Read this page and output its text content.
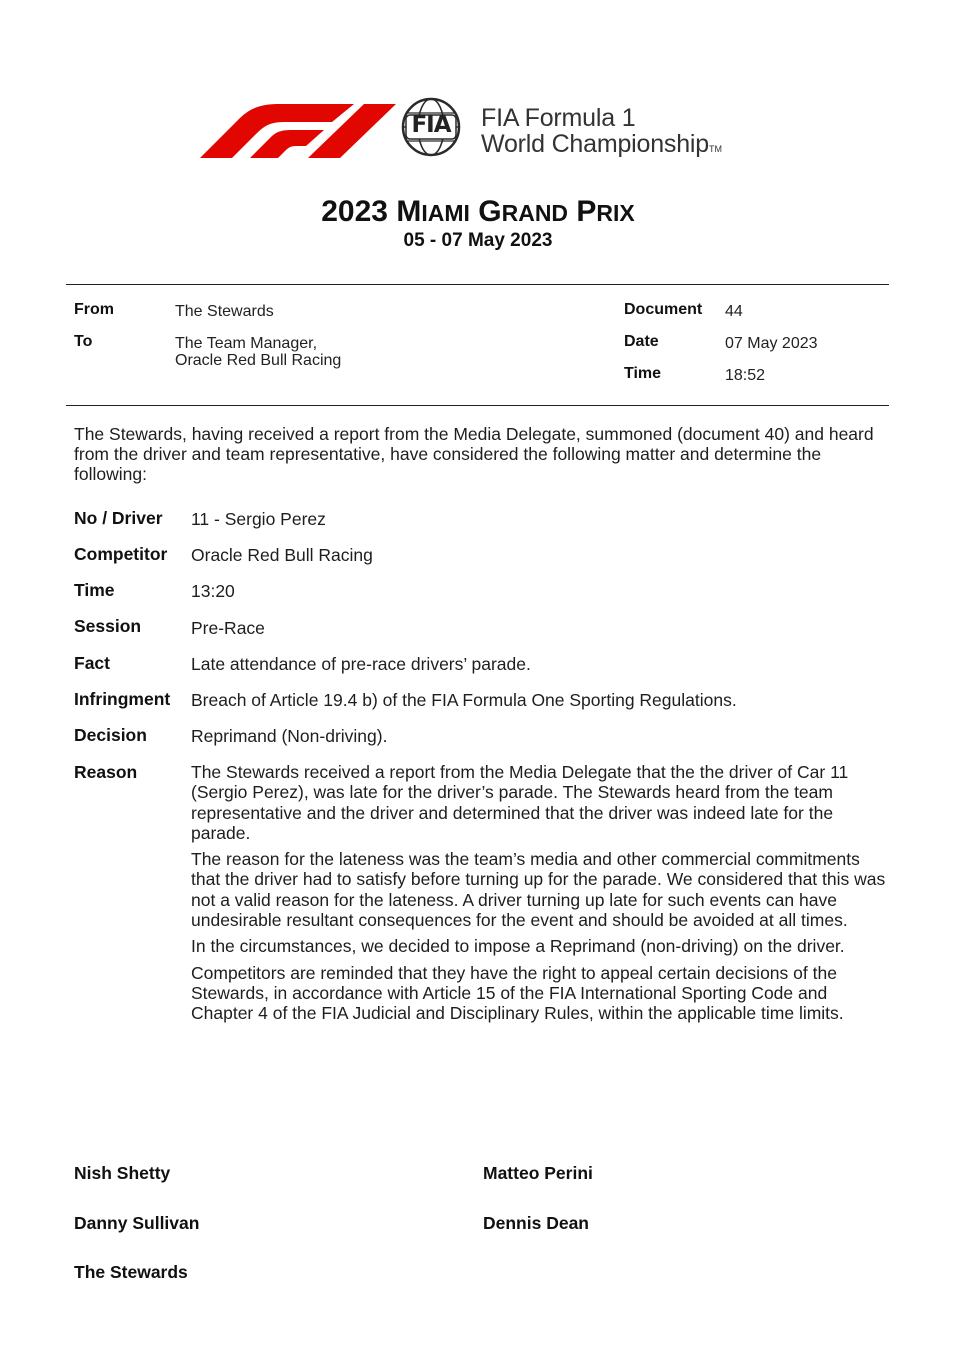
FIA FIA Formula 1
World ChampionshipTM
2023 MIAMI GRAND PRIX
05 - 07 May 2023
From	The Stewards
To	The Team Manager,
Oracle Red Bull Racing
Document 44
Date	07 May 2023
Time	18:52
The Stewards, having received a report from the Media Delegate, summoned (document 40) and heard from the driver and team representative, have considered the following matter and determine the following:
No / Driver 11 - Sergio Perez
Competitor Oracle Red Bull Racing
Time	13:20
Session	Pre-Race
Fact	Late attendance of pre-race drivers’ parade.
Infringment Breach of Article 19.4 b) of the FIA Formula One Sporting Regulations.
Decision	Reprimand (Non-driving).
Reason	The Stewards received a report from the Media Delegate that the the driver of Car 11 (Sergio Perez), was late for the driver’s parade. The Stewards heard from the team representative and the driver and determined that the driver was indeed late for the parade.

The reason for the lateness was the team’s media and other commercial commitments that the driver had to satisfy before turning up for the parade. We considered that this was not a valid reason for the lateness. A driver turning up late for such events can have undesirable resultant consequences for the event and should be avoided at all times.

In the circumstances, we decided to impose a Reprimand (non-driving) on the driver.

Competitors are reminded that they have the right to appeal certain decisions of the Stewards, in accordance with Article 15 of the FIA International Sporting Code and Chapter 4 of the FIA Judicial and Disciplinary Rules, within the applicable time limits.

Nish Shetty	Matteo Perini
Danny Sullivan	Dennis Dean
The Stewards
